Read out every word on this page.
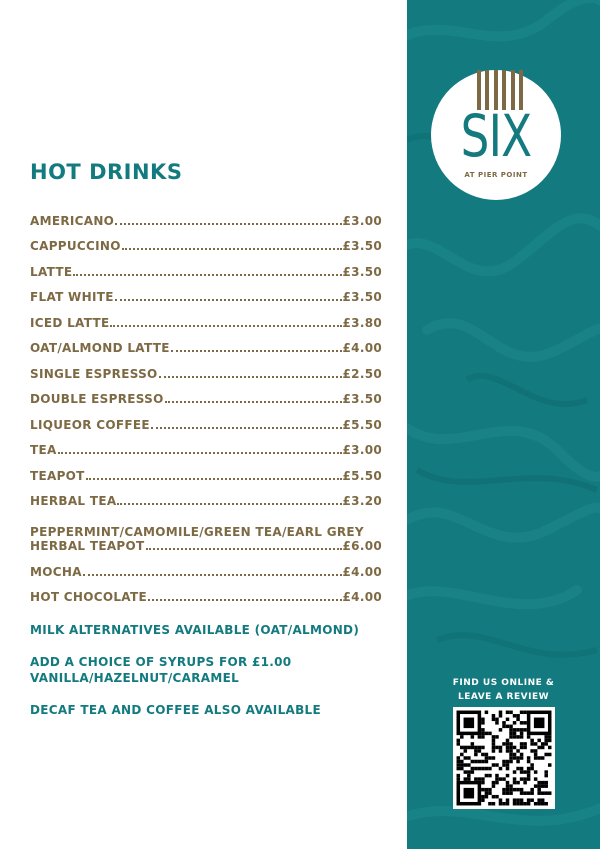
HOT DRINKS
AMERICANO	£3.00
CAPPUCCINO	£3.50
LATTE	£3.50
FLAT WHITE	£3.50
ICED LATTE	£3.80
OAT/ALMOND LATTE	£4.00
SINGLE ESPRESSO	£2.50
DOUBLE ESPRESSO	£3.50
LIQUEOR COFFEE	£5.50
TEA	£3.00
TEAPOT	£5.50
HERBAL TEA	£3.20
PEPPERMINT/CAMOMILE/GREEN TEA/EARL GREY
HERBAL TEAPOT	£6.00
MOCHA	£4.00
HOT CHOCOLATE	£4.00
MILK ALTERNATIVES AVAILABLE (OAT/ALMOND)
ADD A CHOICE OF SYRUPS FOR £1.00
VANILLA/HAZELNUT/CARAMEL
DECAF TEA AND COFFEE ALSO AVAILABLE
SIX
AT PIER POINT
FIND US ONLINE &
LEAVE A REVIEW
